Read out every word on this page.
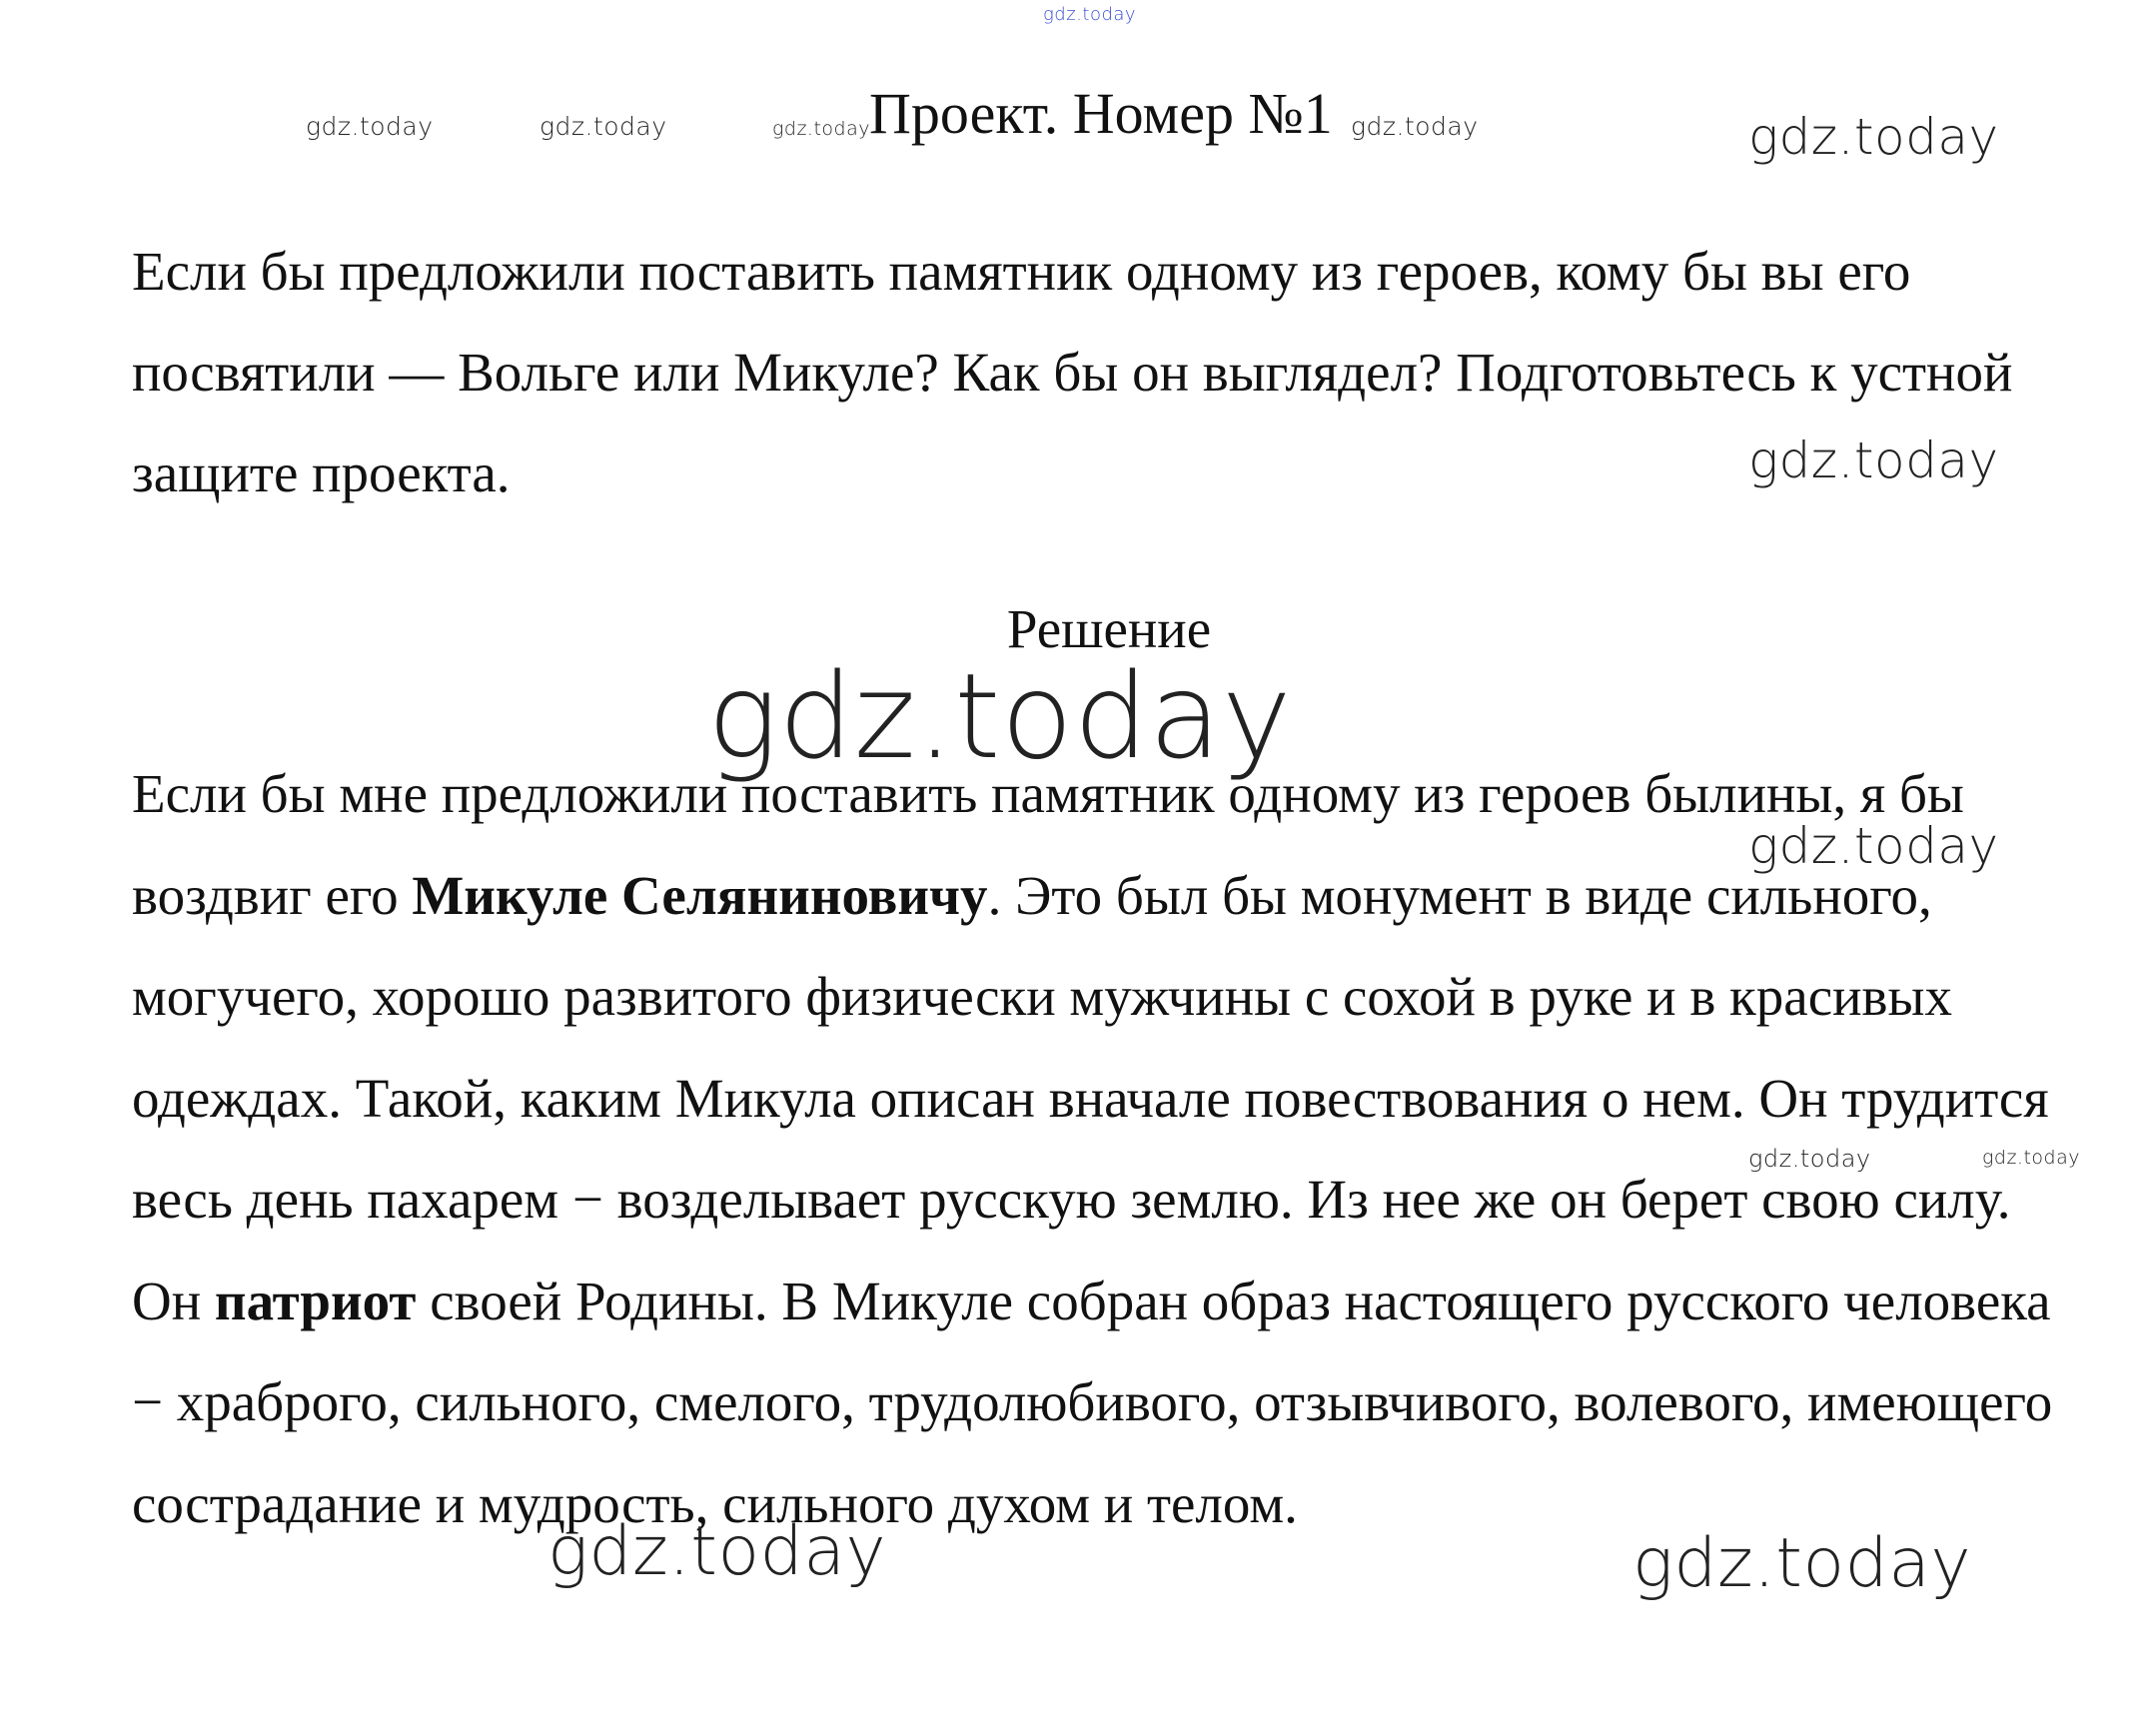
gdz.today
gdz.today	gdz.today	gdz.today Проект. Номер №1 gdz.today	gdz.today

Если бы предложили поставить памятник одному из героев, кому бы вы его посвятили — Вольге или Микуле? Как бы он выглядел? Подготовьтесь к устной защите проекта.	gdz.today
Решение
gdz.today

Если бы мне предложили поставить памятник одному из героев былины, я бы воздвиг его Микуле Селяниновичу. Это был бы монумент в виде сильного, могучего, хорошо развитого физически мужчины с сохой в руке и в красивых одеждах. Такой, каким Микула описан вначале повествования о нем. Он трудится весь день пахарем − возделывает русскую землю. Из нее же он берет свою силу. Он патриот своей Родины. В Микуле собран образ настоящего русского человека − храброго, сильного, смелого, трудолюбивого, отзывчивого, волевого, имеющего сострадание и мудрость, сильного духом и телом.

gdz.today
gdz.today	gdz.today
gdz.today	gdz.today
